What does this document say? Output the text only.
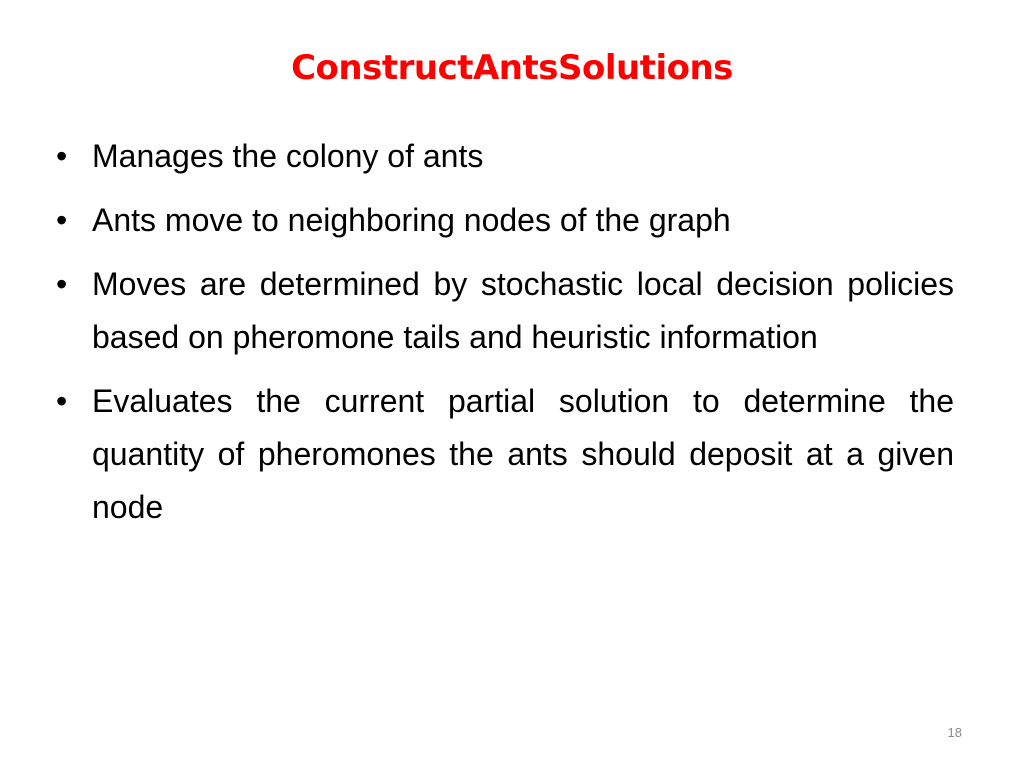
ConstructAntsSolutions
• Manages the colony of ants
• Ants move to neighboring nodes of the graph
• Moves are determined by stochastic local decision policies based on pheromone tails and heuristic information
• Evaluates the current partial solution to determine the quantity of pheromones the ants should deposit at a given node
18
